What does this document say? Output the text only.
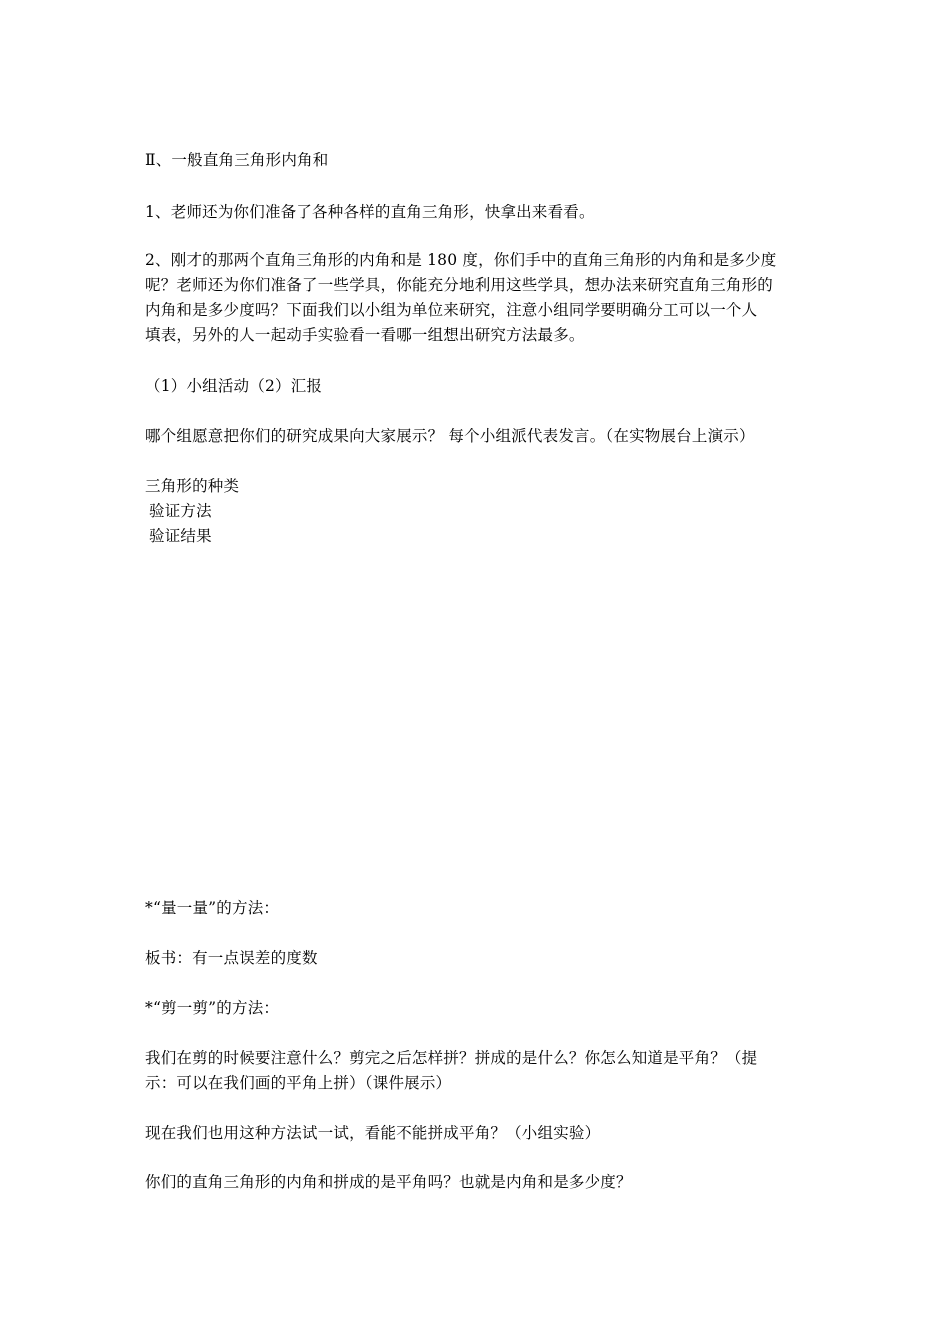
Ⅱ、一般直角三角形内角和
1、老师还为你们准备了各种各样的直角三角形，快拿出来看看。
2、刚才的那两个直角三角形的内角和是 180 度，你们手中的直角三角形的内角和是多少度
呢？老师还为你们准备了一些学具，你能充分地利用这些学具，想办法来研究直角三角形的
内角和是多少度吗？下面我们以小组为单位来研究，注意小组同学要明确分工可以一个人
填表，另外的人一起动手实验看一看哪一组想出研究方法最多。
（1）小组活动（2）汇报
哪个组愿意把你们的研究成果向大家展示？ 每个小组派代表发言。（在实物展台上演示）
三角形的种类
验证方法
验证结果
*“量一量”的方法：
板书：有一点误差的度数
*“剪一剪”的方法：
我们在剪的时候要注意什么？剪完之后怎样拼？拼成的是什么？你怎么知道是平角？（提
示：可以在我们画的平角上拼）（课件展示）
现在我们也用这种方法试一试，看能不能拼成平角？（小组实验）
你们的直角三角形的内角和拼成的是平角吗？也就是内角和是多少度？
